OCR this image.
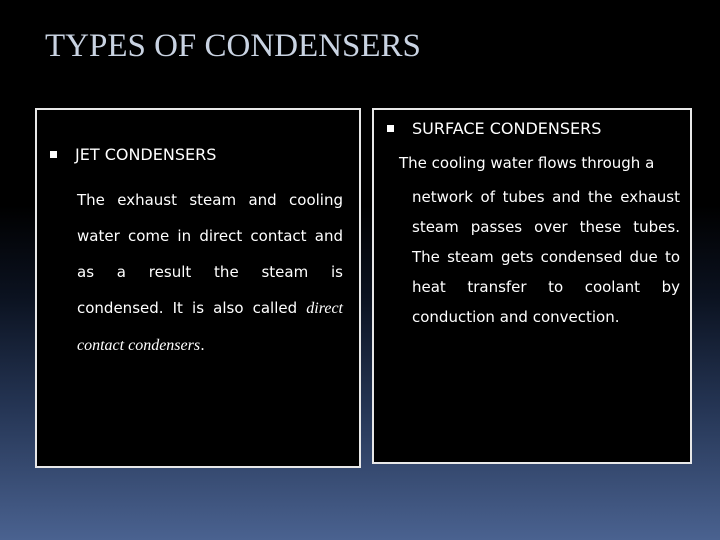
TYPES OF CONDENSERS
JET CONDENSERS
The exhaust steam and cooling water come in direct contact and as a result the steam is condensed. It is also called direct contact condensers.
SURFACE CONDENSERS
The cooling water flows through a
network of tubes and the exhaust steam passes over these tubes. The steam gets condensed due to heat transfer to coolant by conduction and convection.
